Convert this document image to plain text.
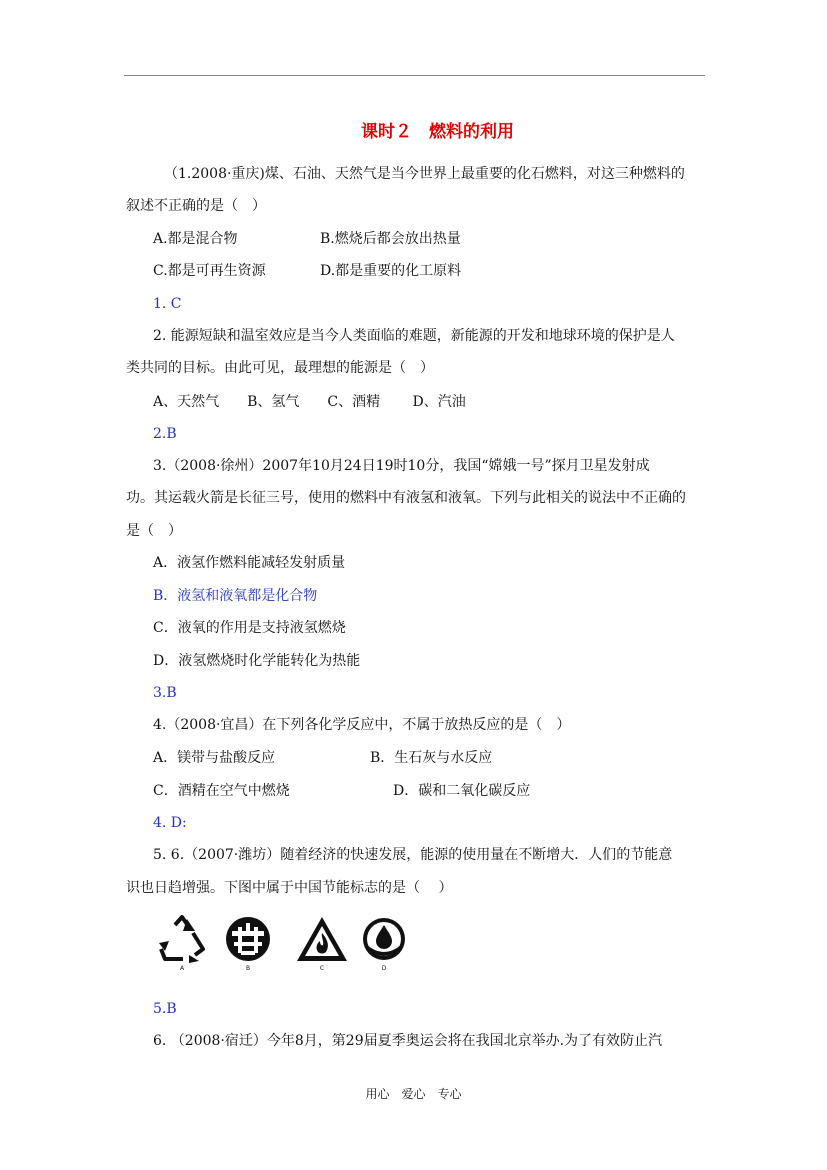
课时２　燃料的利用
（1.2008·重庆)煤、石油、天然气是当今世界上最重要的化石燃料，对这三种燃料的
叙述不正确的是（　）
A.都是混合物	B.燃烧后都会放出热量
C.都是可再生资源	D.都是重要的化工原料
1. C
2. 能源短缺和温室效应是当今人类面临的难题，新能源的开发和地球环境的保护是人
类共同的目标。由此可见，最理想的能源是（　）
A、天然气　　B、氢气　　C、酒精　　 D、汽油
2.B
3.（2008·徐州）2007年10月24日19时10分，我国“嫦娥一号”探月卫星发射成
功。其运载火箭是长征三号，使用的燃料中有液氢和液氧。下列与此相关的说法中不正确的
是（　）
A．液氢作燃料能减轻发射质量
B．液氢和液氧都是化合物
C．液氧的作用是支持液氢燃烧
D．液氢燃烧时化学能转化为热能
3.B
4.（2008·宜昌）在下列各化学反应中，不属于放热反应的是（　）
A．镁带与盐酸反应	B．生石灰与水反应
C．酒精在空气中燃烧	D．碳和二氧化碳反应
4. D:
5. 6.（2007·潍坊）随着经济的快速发展，能源的使用量在不断增大．人们的节能意
识也日趋增强。下图中属于中国节能标志的是（　 ）
A	B	C	D
5.B
6. （2008·宿迁）今年8月，第29届夏季奥运会将在我国北京举办.为了有效防止汽
用心　爱心　专心
